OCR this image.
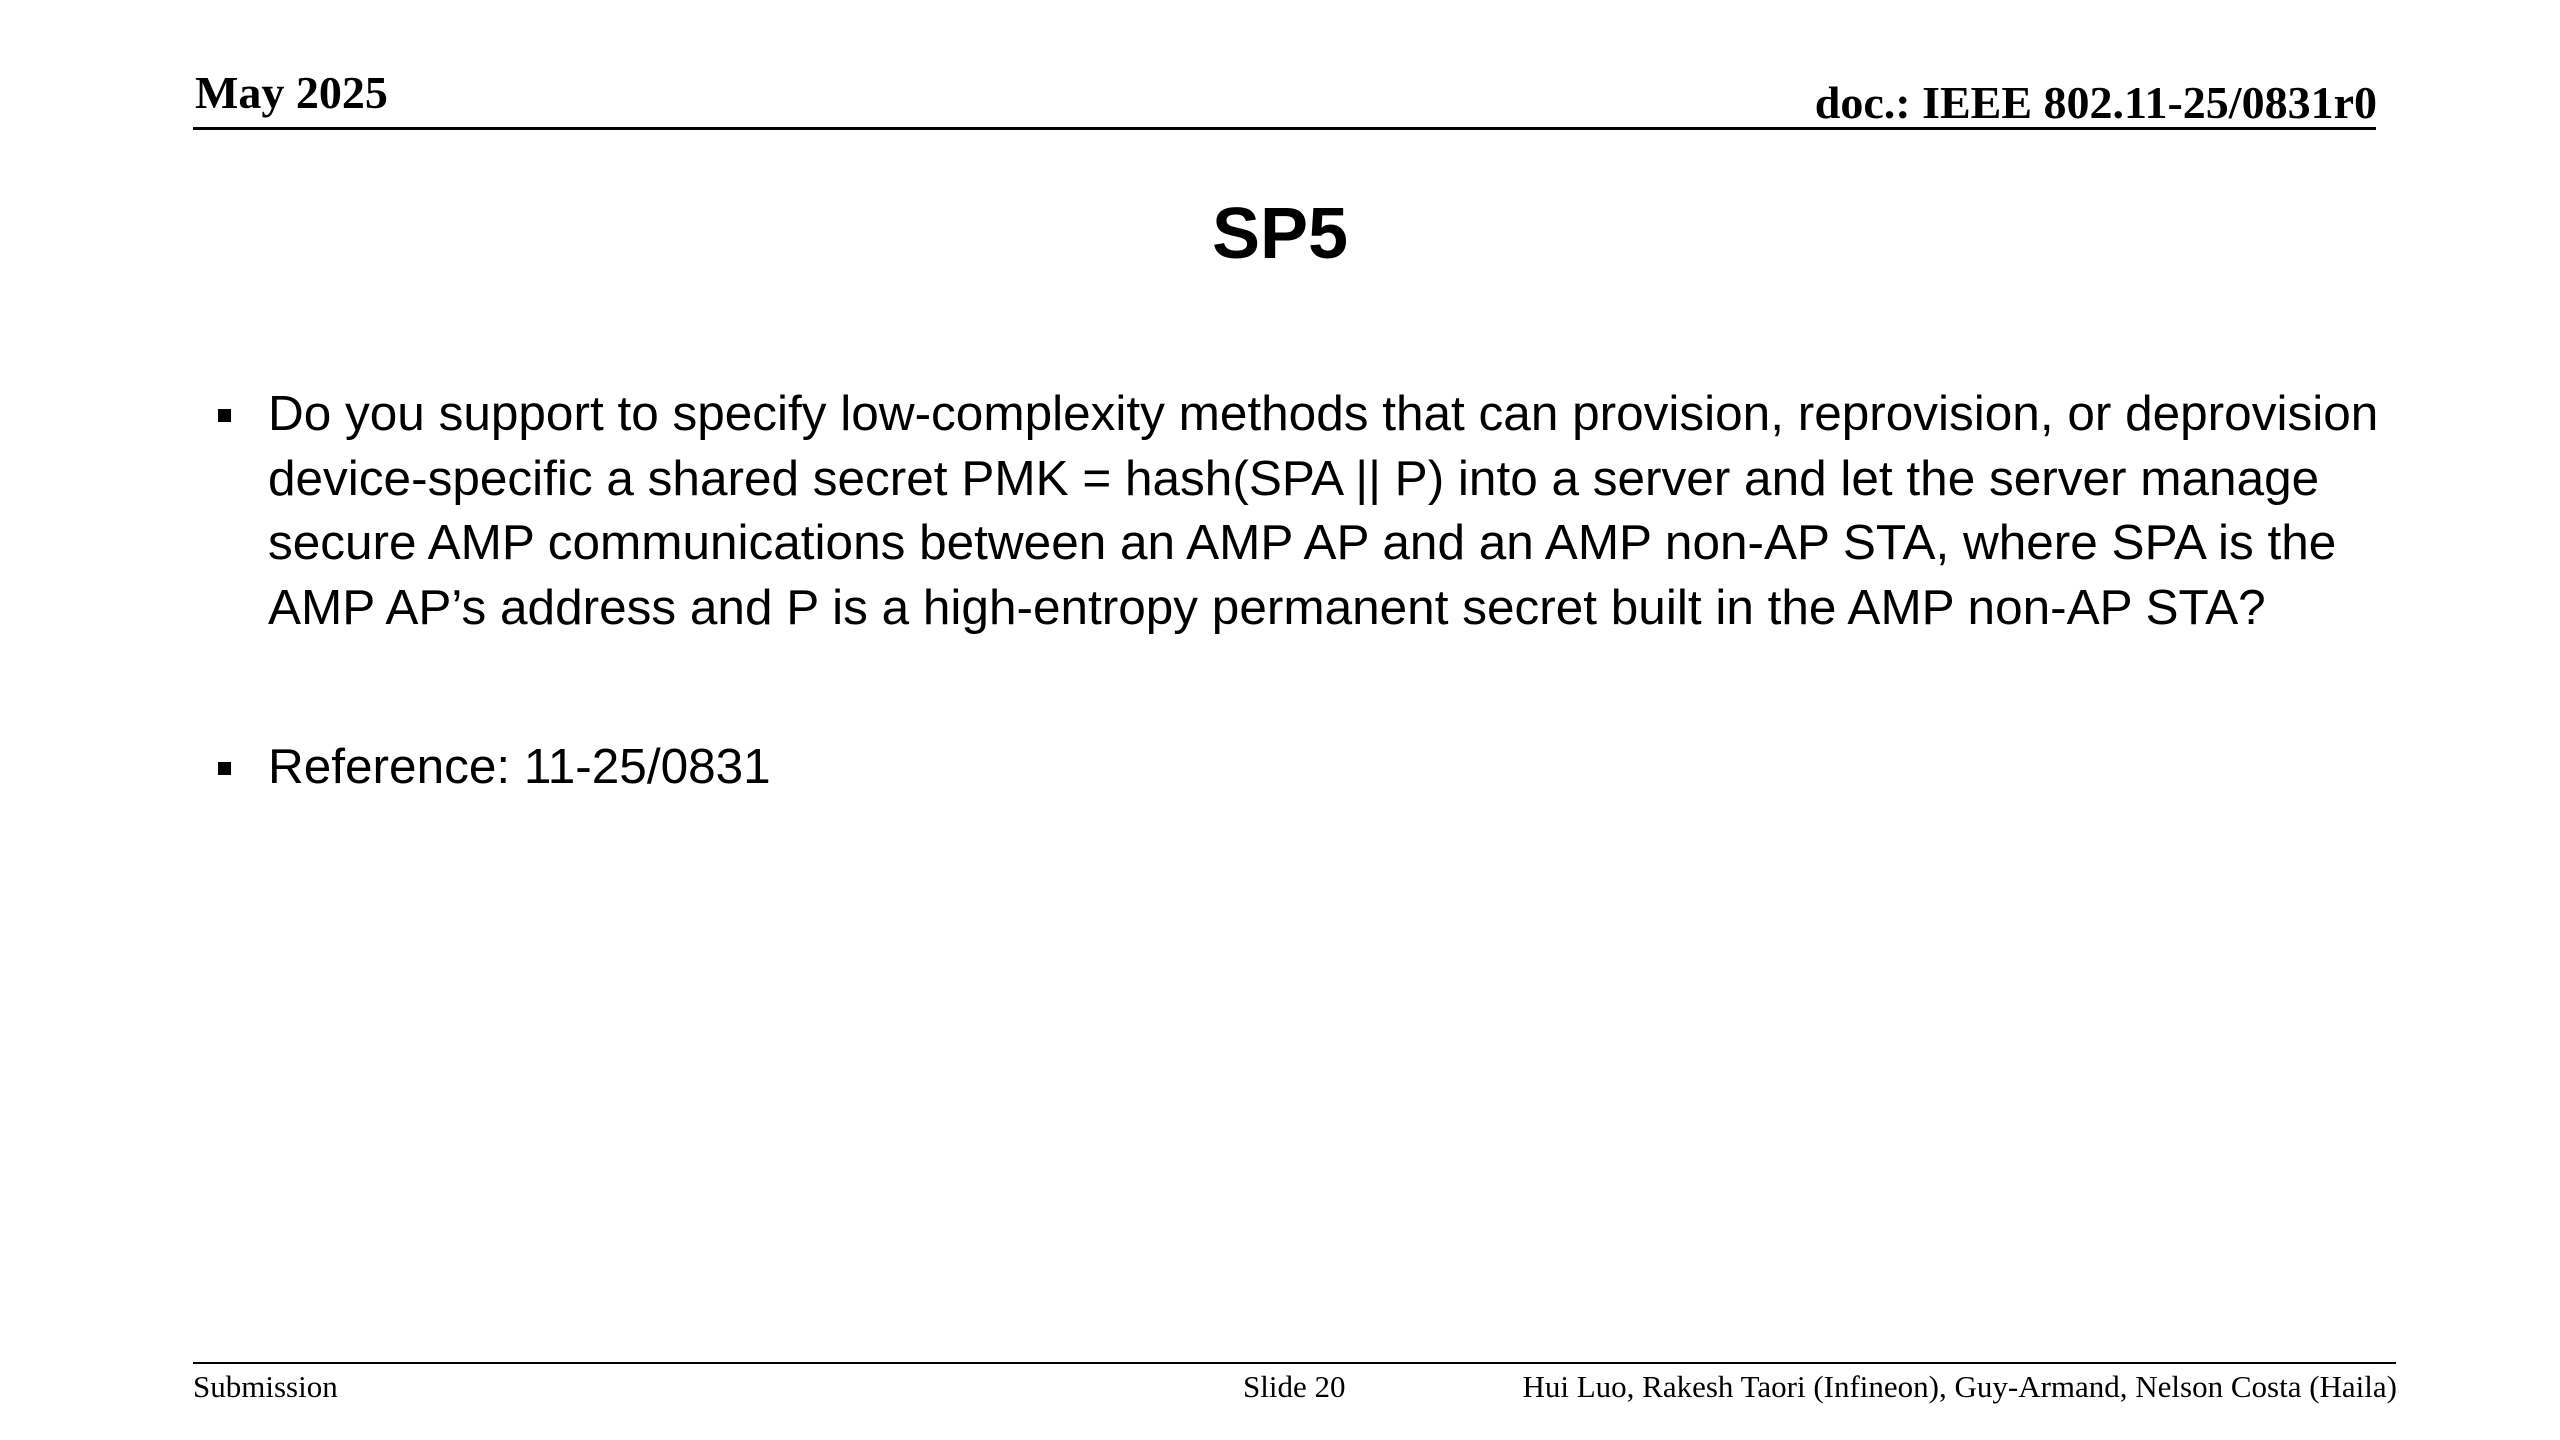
May 2025	doc.: IEEE 802.11-25/0831r0
SP5
Do you support to specify low-complexity methods that can provision, reprovision, or deprovision device-specific a shared secret PMK = hash(SPA || P) into a server and let the server manage secure AMP communications between an AMP AP and an AMP non-AP STA, where SPA is the AMP AP’s address and P is a high-entropy permanent secret built in the AMP non-AP STA?
Reference: 11-25/0831
Submission	Slide 20	Hui Luo, Rakesh Taori (Infineon), Guy-Armand, Nelson Costa (Haila)
